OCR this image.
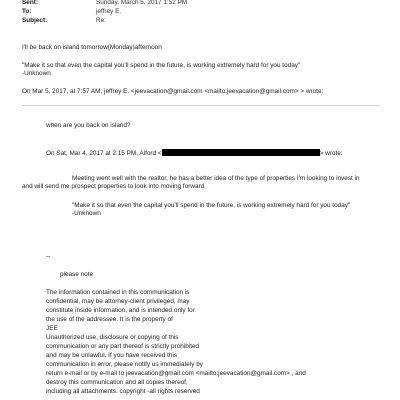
Sent:	Sunday, March 5, 2017 1:52 PM
To:	jeffrey E.
Subject:	Re:
I'll be back on island tomorrow(Monday)afternoon
"Make it so that even the capital you'll spend in the future, is working extremely hard for you today"
-Unknown
On Mar 5, 2017, at 7:57 AM, jeffrey E. <jeevacation@gmail.com <mailto:jeevacation@gmail.com> > wrote:
when are you back on island?
On Sat, Mar 4, 2017 at 2:15 PM, Alford <	> wrote:
Meeting went well with the realtor, he has a better idea of the type of properties I'm looking to invest in
and will send me prospect properties to look into moving forward
"Make it so that even the capital you'll spend in the future, is working extremely hard for you today"
-Unknown
--
please note
The information contained in this communication is
confidential, may be attorney-client privileged, may
constitute inside information, and is intended only for
the use of the addressee. It is the property of
JEE
Unauthorized use, disclosure or copying of this
communication or any part thereof is strictly prohibited
and may be unlawful. If you have received this
communication in error, please notify us immediately by
return e-mail or by e-mail to jeevacation@gmail.com <mailto:jeevacation@gmail.com> , and
destroy this communication and all copies thereof,
including all attachments. copyright -all rights reserved
